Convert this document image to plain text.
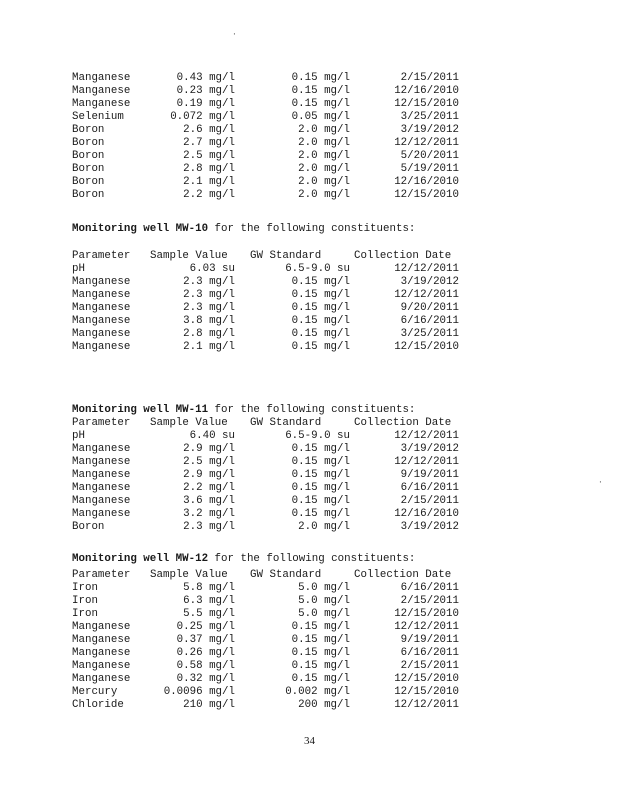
·
·
Manganese	0.43 mg/l	0.15 mg/l	2/15/2011
Manganese	0.23 mg/l	0.15 mg/l	12/16/2010
Manganese	0.19 mg/l	0.15 mg/l	12/15/2010
Selenium	0.072 mg/l	0.05 mg/l	3/25/2011
Boron	2.6 mg/l	2.0 mg/l	3/19/2012
Boron	2.7 mg/l	2.0 mg/l	12/12/2011
Boron	2.5 mg/l	2.0 mg/l	5/20/2011
Boron	2.8 mg/l	2.0 mg/l	5/19/2011
Boron	2.1 mg/l	2.0 mg/l	12/16/2010
Boron	2.2 mg/l	2.0 mg/l	12/15/2010
Monitoring well MW-10 for the following constituents:
Parameter Sample Value	GW Standard	Collection Date
pH	6.03 su	6.5-9.0 su	12/12/2011
Manganese	2.3 mg/l	0.15 mg/l	3/19/2012
Manganese	2.3 mg/l	0.15 mg/l	12/12/2011
Manganese	2.3 mg/l	0.15 mg/l	9/20/2011
Manganese	3.8 mg/l	0.15 mg/l	6/16/2011
Manganese	2.8 mg/l	0.15 mg/l	3/25/2011
Manganese	2.1 mg/l	0.15 mg/l	12/15/2010
Monitoring well MW-11 for the following constituents:
Parameter Sample Value	GW Standard	Collection Date
pH	6.40 su	6.5-9.0 su	12/12/2011
Manganese	2.9 mg/l	0.15 mg/l	3/19/2012
Manganese	2.5 mg/l	0.15 mg/l	12/12/2011
Manganese	2.9 mg/l	0.15 mg/l	9/19/2011
Manganese	2.2 mg/l	0.15 mg/l	6/16/2011
Manganese	3.6 mg/l	0.15 mg/l	2/15/2011
Manganese	3.2 mg/l	0.15 mg/l	12/16/2010
Boron	2.3 mg/l	2.0 mg/l	3/19/2012
Monitoring well MW-12 for the following constituents:
Parameter Sample Value	GW Standard	Collection Date
Iron	5.8 mg/l	5.0 mg/l	6/16/2011
Iron	6.3 mg/l	5.0 mg/l	2/15/2011
Iron	5.5 mg/l	5.0 mg/l	12/15/2010
Manganese	0.25 mg/l	0.15 mg/l	12/12/2011
Manganese	0.37 mg/l	0.15 mg/l	9/19/2011
Manganese	0.26 mg/l	0.15 mg/l	6/16/2011
Manganese	0.58 mg/l	0.15 mg/l	2/15/2011
Manganese	0.32 mg/l	0.15 mg/l	12/15/2010
Mercury	0.0096 mg/l	0.002 mg/l	12/15/2010
Chloride	210 mg/l	200 mg/l	12/12/2011
34
